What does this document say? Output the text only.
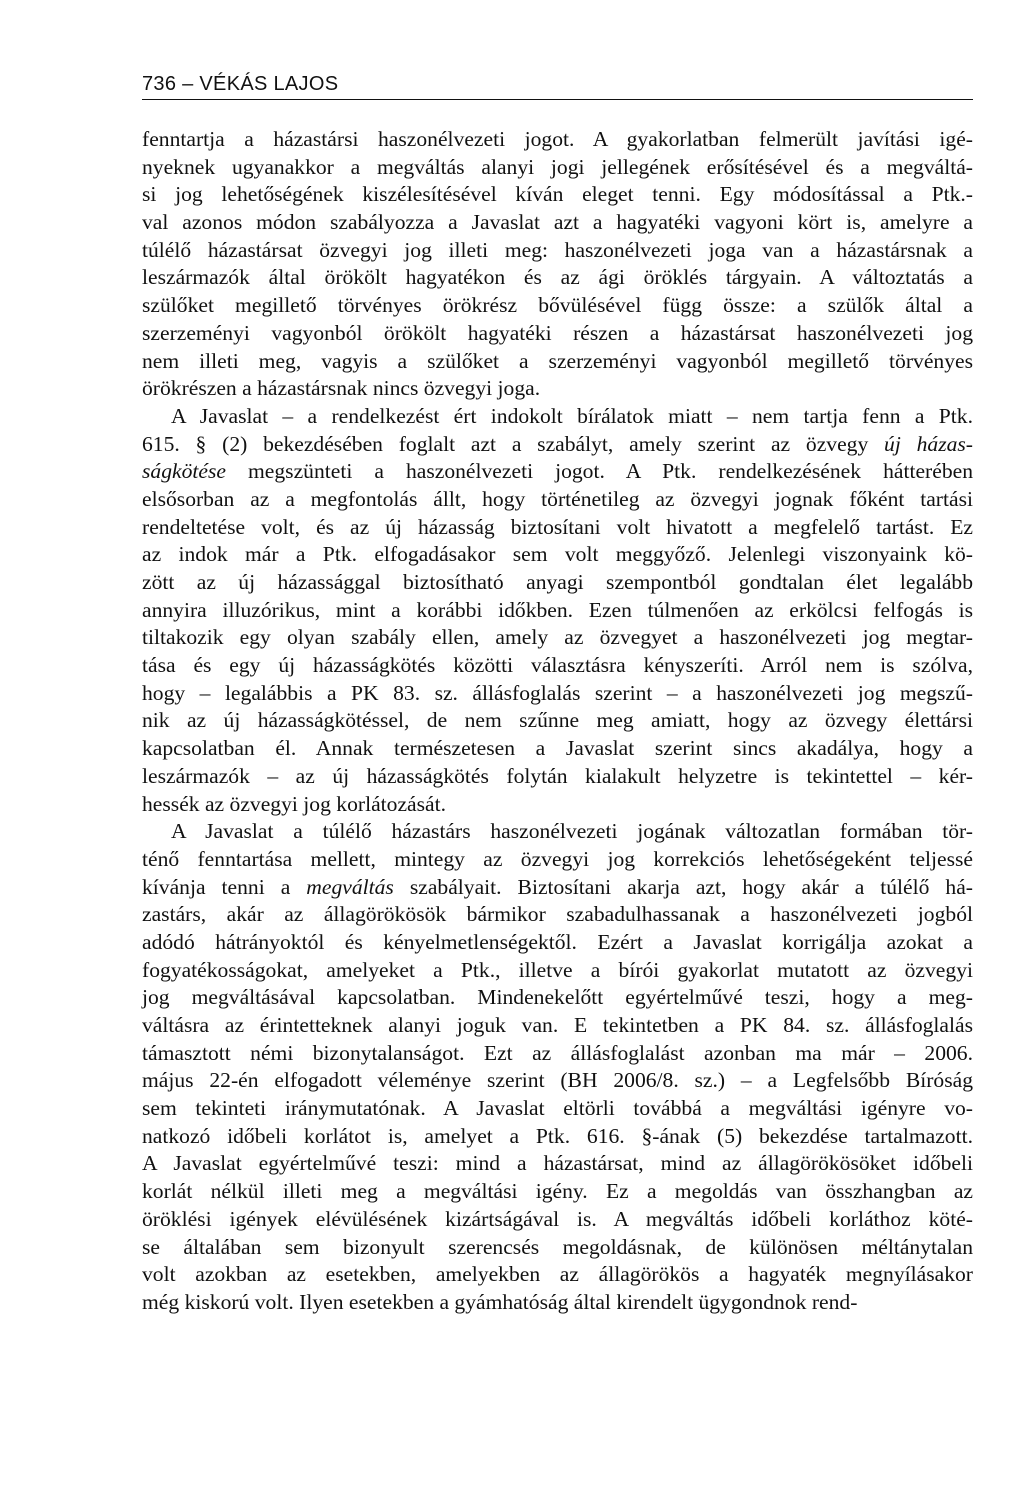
736 – VÉKÁS LAJOS
fenntartja a házastársi haszonélvezeti jogot. A gyakorlatban felmerült javítási igé-
nyeknek ugyanakkor a megváltás alanyi jogi jellegének erősítésével és a megváltá-
si jog lehetőségének kiszélesítésével kíván eleget tenni. Egy módosítással a Ptk.-
val azonos módon szabályozza a Javaslat azt a hagyatéki vagyoni kört is, amelyre a
túlélő házastársat özvegyi jog illeti meg: haszonélvezeti joga van a házastársnak a
leszármazók által örökölt hagyatékon és az ági öröklés tárgyain. A változtatás a
szülőket megillető törvényes örökrész bővülésével függ össze: a szülők által a
szerzeményi vagyonból örökölt hagyatéki részen a házastársat haszonélvezeti jog
nem illeti meg, vagyis a szülőket a szerzeményi vagyonból megillető törvényes
örökrészen a házastársnak nincs özvegyi joga.
A Javaslat – a rendelkezést ért indokolt bírálatok miatt – nem tartja fenn a Ptk.
615. § (2) bekezdésében foglalt azt a szabályt, amely szerint az özvegy új házas-
ságkötése megszünteti a haszonélvezeti jogot. A Ptk. rendelkezésének hátterében
elsősorban az a megfontolás állt, hogy történetileg az özvegyi jognak főként tartási
rendeltetése volt, és az új házasság biztosítani volt hivatott a megfelelő tartást. Ez
az indok már a Ptk. elfogadásakor sem volt meggyőző. Jelenlegi viszonyaink kö-
zött az új házassággal biztosítható anyagi szempontból gondtalan élet legalább
annyira illuzórikus, mint a korábbi időkben. Ezen túlmenően az erkölcsi felfogás is
tiltakozik egy olyan szabály ellen, amely az özvegyet a haszonélvezeti jog megtar-
tása és egy új házasságkötés közötti választásra kényszeríti. Arról nem is szólva,
hogy – legalábbis a PK 83. sz. állásfoglalás szerint – a haszonélvezeti jog megszű-
nik az új házasságkötéssel, de nem szűnne meg amiatt, hogy az özvegy élettársi
kapcsolatban él. Annak természetesen a Javaslat szerint sincs akadálya, hogy a
leszármazók – az új házasságkötés folytán kialakult helyzetre is tekintettel – kér-
hessék az özvegyi jog korlátozását.
A Javaslat a túlélő házastárs haszonélvezeti jogának változatlan formában tör-
ténő fenntartása mellett, mintegy az özvegyi jog korrekciós lehetőségeként teljessé
kívánja tenni a megváltás szabályait. Biztosítani akarja azt, hogy akár a túlélő há-
zastárs, akár az állagörökösök bármikor szabadulhassanak a haszonélvezeti jogból
adódó hátrányoktól és kényelmetlenségektől. Ezért a Javaslat korrigálja azokat a
fogyatékosságokat, amelyeket a Ptk., illetve a bírói gyakorlat mutatott az özvegyi
jog megváltásával kapcsolatban. Mindenekelőtt egyértelművé teszi, hogy a meg-
váltásra az érintetteknek alanyi joguk van. E tekintetben a PK 84. sz. állásfoglalás
támasztott némi bizonytalanságot. Ezt az állásfoglalást azonban ma már – 2006.
május 22-én elfogadott véleménye szerint (BH 2006/8. sz.) – a Legfelsőbb Bíróság
sem tekinteti iránymutatónak. A Javaslat eltörli továbbá a megváltási igényre vo-
natkozó időbeli korlátot is, amelyet a Ptk. 616. §-ának (5) bekezdése tartalmazott.
A Javaslat egyértelművé teszi: mind a házastársat, mind az állagörökösöket időbeli
korlát nélkül illeti meg a megváltási igény. Ez a megoldás van összhangban az
öröklési igények elévülésének kizártságával is. A megváltás időbeli korláthoz köté-
se általában sem bizonyult szerencsés megoldásnak, de különösen méltánytalan
volt azokban az esetekben, amelyekben az állagörökös a hagyaték megnyílásakor
még kiskorú volt. Ilyen esetekben a gyámhatóság által kirendelt ügygondnok rend-
